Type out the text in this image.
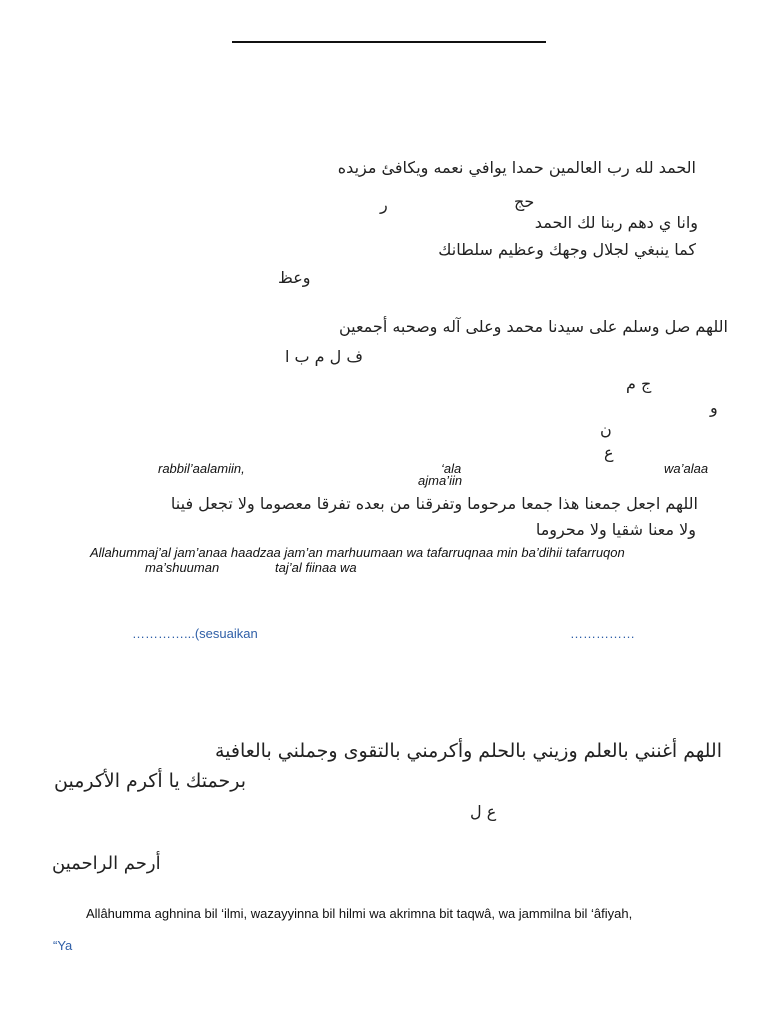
الحمد لله رب العالمين حمدا يوافي نعمه ويكافئ مزيده
ر	حج
وانا ي دهم ربنا لك الحمد
كما ينبغي لجلال وجهك وعظيم سلطانك
وعظ
اللهم صل وسلم على سيدنا محمد وعلى آله وصحبه أجمعين
ف ل م ب ا
ج م
و
ن
ع
rabbil’aalamiin,	‘ala	wa’alaa
ajma’iin
اللهم اجعل جمعنا هذا جمعا مرحوما وتفرقنا من بعده تفرقا معصوما ولا تجعل فينا
ولا معنا شقيا ولا محروما
Allahummaj’al jam’anaa haadzaa jam’an marhuumaan wa tafarruqnaa min ba’dihii tafarruqon
ma’shuuman	taj’al fiinaa wa
…………...(sesuaikan	……………
اللهم أغنني بالعلم وزيني بالحلم وأكرمني بالتقوى وجملني بالعافية
برحمتك يا أكرم الأكرمين
ع ل
أرحم الراحمين
Allâhumma aghnina bil ‘ilmi, wazayyinna bil hilmi wa akrimna bit taqwâ, wa jammilna bil ‘âfiyah,
“Ya
